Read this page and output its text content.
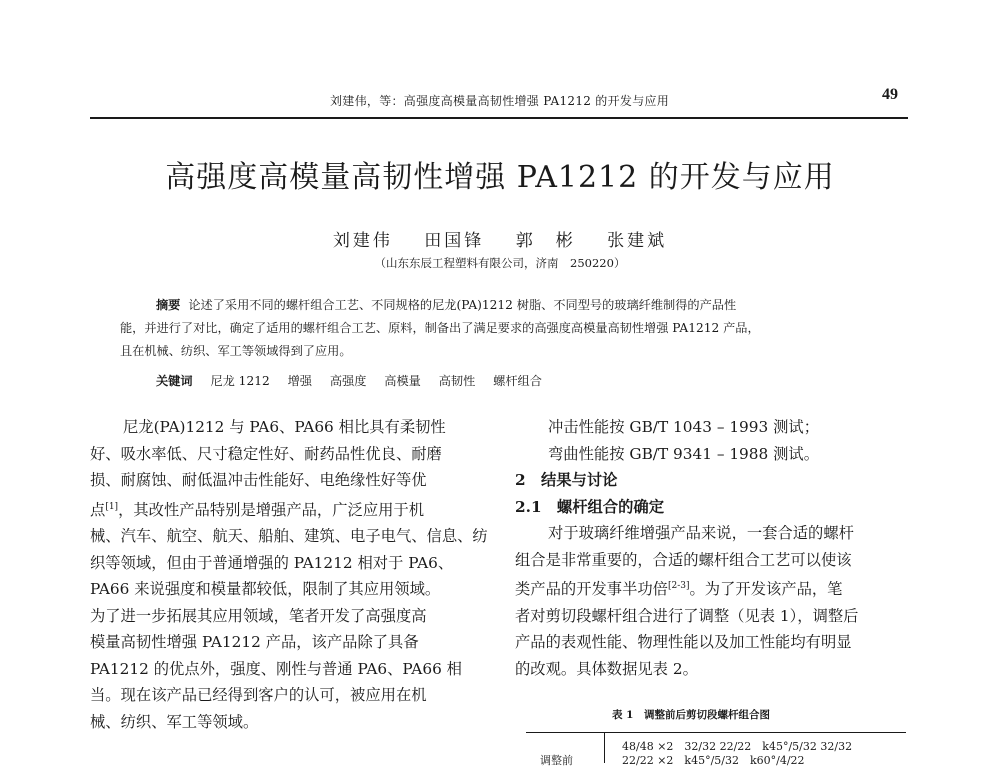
刘建伟，等：高强度高模量高韧性增强 PA1212 的开发与应用	49
高强度高模量高韧性增强 PA1212 的开发与应用
刘建伟 田国锋 郭　彬 张建斌
（山东东辰工程塑料有限公司，济南　250220）
摘要 论述了采用不同的螺杆组合工艺、不同规格的尼龙(PA)1212 树脂、不同型号的玻璃纤维制得的产品性
能，并进行了对比，确定了适用的螺杆组合工艺、原料，制备出了满足要求的高强度高模量高韧性增强 PA1212 产品，
且在机械、纺织、军工等领域得到了应用。
关键词 尼龙 1212 增强 高强度 高模量 高韧性 螺杆组合
尼龙(PA)1212 与 PA6、PA66 相比具有柔韧性
好、吸水率低、尺寸稳定性好、耐药品性优良、耐磨
损、耐腐蚀、耐低温冲击性能好、电绝缘性好等优
点[1]，其改性产品特别是增强产品，广泛应用于机
械、汽车、航空、航天、船舶、建筑、电子电气、信息、纺
织等领域，但由于普通增强的 PA1212 相对于 PA6、
PA66 来说强度和模量都较低，限制了其应用领域。
为了进一步拓展其应用领域，笔者开发了高强度高
模量高韧性增强 PA1212 产品，该产品除了具备
PA1212 的优点外，强度、刚性与普通 PA6、PA66 相
当。现在该产品已经得到客户的认可，被应用在机
械、纺织、军工等领域。
冲击性能按 GB/T 1043 – 1993 测试；
弯曲性能按 GB/T 9341 – 1988 测试。
2　结果与讨论
2.1　螺杆组合的确定
对于玻璃纤维增强产品来说，一套合适的螺杆
组合是非常重要的，合适的螺杆组合工艺可以使该
类产品的开发事半功倍[2-3]。为了开发该产品，笔
者对剪切段螺杆组合进行了调整（见表 1），调整后
产品的表观性能、物理性能以及加工性能均有明显
的改观。具体数据见表 2。
表 1　调整前后剪切段螺杆组合图
调整前
48/48 ×2　32/32 22/22　k45°/5/32 32/32
22/22 ×2　k45°/5/32　k60°/4/22
